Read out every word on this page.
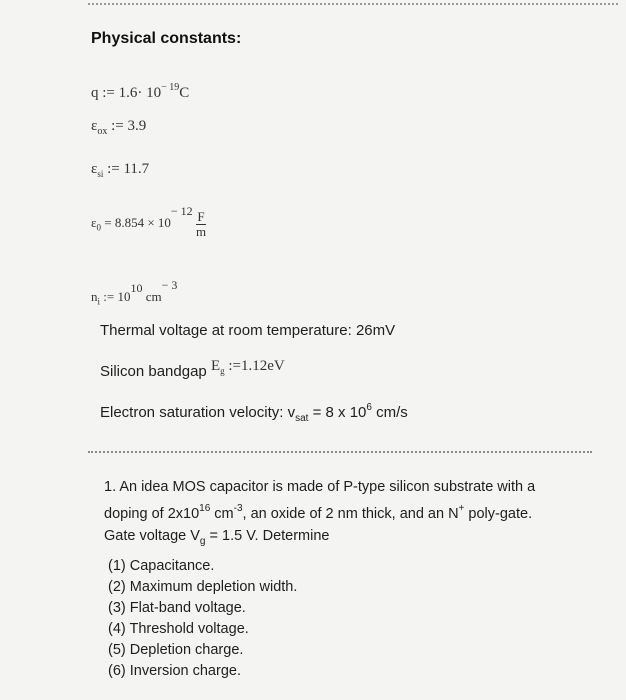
Physical constants:
q := $1.6\cdot 10^{- 19}C$
$\varepsilon_{ox}$ := 3.9
$\varepsilon_{si}$ := 11.7
$\varepsilon_0 = 8.854 \times 10^{- 12} \frac{F}{m}$
$n_i$ := $10^{10}$ $cm^{- 3}$
Thermal voltage at room temperature: 26mV
Silicon bandgap $E_g$ :=1.12eV
Electron saturation velocity: $v_{sat} = 8$ x $10^6$ cm/s
1. An idea MOS capacitor is made of P-type silicon substrate with a
doping of $2x10^{16}$ $cm^{-3}$, an oxide of 2 nm thick, and an N+ poly-gate.
Gate voltage $V_g = 1.5$ V. Determine
(1) Capacitance.
(2) Maximum depletion width.
(3) Flat-band voltage.
(4) Threshold voltage.
(5) Depletion charge.
(6) Inversion charge.
